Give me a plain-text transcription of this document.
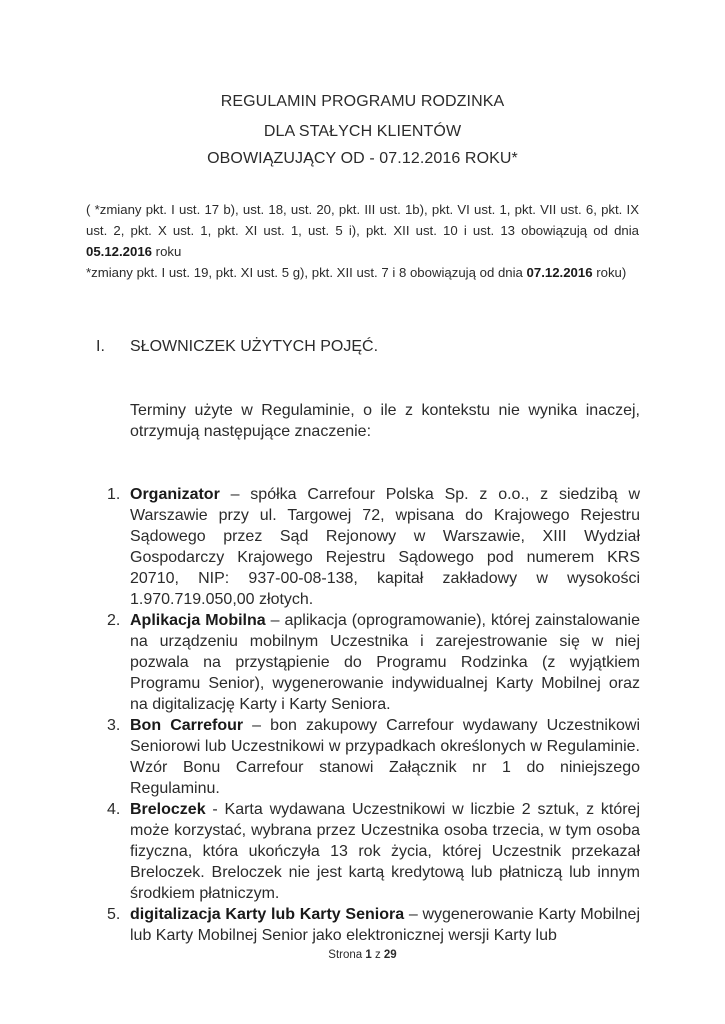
REGULAMIN PROGRAMU RODZINKA
DLA STAŁYCH KLIENTÓW
OBOWIĄZUJĄCY OD - 07.12.2016 ROKU*

( *zmiany pkt. I ust. 17 b), ust. 18, ust. 20, pkt. III ust. 1b), pkt. VI ust. 1, pkt. VII ust. 6, pkt. IX ust. 2, pkt. X ust. 1, pkt. XI ust. 1, ust. 5 i), pkt. XII ust. 10 i ust. 13 obowiązują od dnia 05.12.2016 roku

*zmiany pkt. I ust. 19, pkt. XI ust. 5 g), pkt. XII ust. 7 i 8 obowiązują od dnia 07.12.2016 roku)

I. SŁOWNICZEK UŻYTYCH POJĘĆ.

Terminy użyte w Regulaminie, o ile z kontekstu nie wynika inaczej, otrzymują następujące znaczenie:

1. Organizator – spółka Carrefour Polska Sp. z o.o., z siedzibą w Warszawie przy ul. Targowej 72, wpisana do Krajowego Rejestru Sądowego przez Sąd Rejonowy w Warszawie, XIII Wydział Gospodarczy Krajowego Rejestru Sądowego pod numerem KRS 20710, NIP: 937-00-08-138, kapitał zakładowy w wysokości 1.970.719.050,00 złotych.
2. Aplikacja Mobilna – aplikacja (oprogramowanie), której zainstalowanie na urządzeniu mobilnym Uczestnika i zarejestrowanie się w niej pozwala na przystąpienie do Programu Rodzinka (z wyjątkiem Programu Senior), wygenerowanie indywidualnej Karty Mobilnej oraz na digitalizację Karty i Karty Seniora.
3. Bon Carrefour – bon zakupowy Carrefour wydawany Uczestnikowi Seniorowi lub Uczestnikowi w przypadkach określonych w Regulaminie. Wzór Bonu Carrefour stanowi Załącznik nr 1 do niniejszego Regulaminu.
4. Breloczek - Karta wydawana Uczestnikowi w liczbie 2 sztuk, z której może korzystać, wybrana przez Uczestnika osoba trzecia, w tym osoba fizyczna, która ukończyła 13 rok życia, której Uczestnik przekazał Breloczek. Breloczek nie jest kartą kredytową lub płatniczą lub innym środkiem płatniczym.
5. digitalizacja Karty lub Karty Seniora – wygenerowanie Karty Mobilnej lub Karty Mobilnej Senior jako elektronicznej wersji Karty lub
Strona 1 z 29
